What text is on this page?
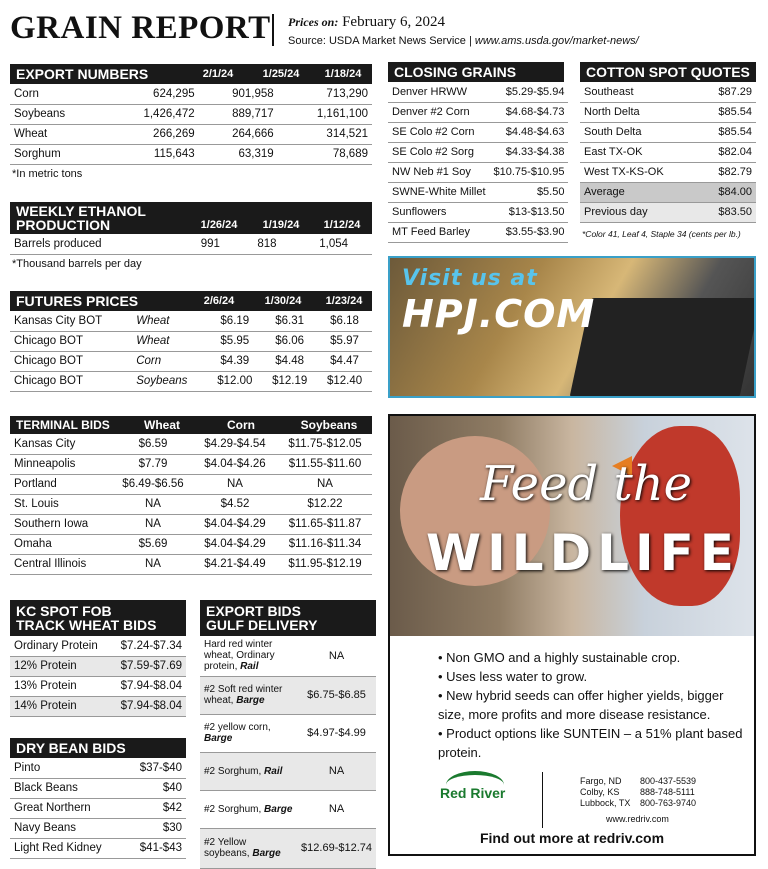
GRAIN REPORT Prices on: February 6, 2024
Source: USDA Market News Service | www.ams.usda.gov/market-news/
EXPORT NUMBERS	2/1/24	1/25/24	1/18/24
Corn	624,295	901,958	713,290
Soybeans	1,426,472	889,717	1,161,100
Wheat	266,269	264,666	314,521
Sorghum	115,643	63,319	78,689
*In metric tons
WEEKLY ETHANOL
PRODUCTION	1/26/24	1/19/24	1/12/24
Barrels produced	991	818	1,054
*Thousand barrels per day
FUTURES PRICES	2/6/24	1/30/24	1/23/24
Kansas City BOT	Wheat	$6.19	$6.31	$6.18
Chicago BOT	Wheat	$5.95	$6.06	$5.97
Chicago BOT	Corn	$4.39	$4.48	$4.47
Chicago BOT	Soybeans	$12.00	$12.19	$12.40
TERMINAL BIDS	Wheat	Corn	Soybeans
Kansas City	$6.59	$4.29-$4.54	$11.75-$12.05
Minneapolis	$7.79	$4.04-$4.26	$11.55-$11.60
Portland	$6.49-$6.56	NA	NA
St. Louis	NA	$4.52	$12.22
Southern Iowa	NA	$4.04-$4.29	$11.65-$11.87
Omaha	$5.69	$4.04-$4.29	$11.16-$11.34
Central Illinois	NA	$4.21-$4.49	$11.95-$12.19
KC SPOT FOB
TRACK WHEAT BIDS
Ordinary Protein	$7.24-$7.34
12% Protein	$7.59-$7.69
13% Protein	$7.94-$8.04
14% Protein	$7.94-$8.04
DRY BEAN BIDS
Pinto	$37-$40
Black Beans	$40
Great Northern	$42
Navy Beans	$30
Light Red Kidney	$41-$43
EXPORT BIDS
GULF DELIVERY
Hard red winter wheat, Ordinary protein, Rail	NA
#2 Soft red winter wheat, Barge	$6.75-$6.85
#2 yellow corn, Barge	$4.97-$4.99
#2 Sorghum, Rail	NA
#2 Sorghum, Barge	NA
#2 Yellow soybeans, Barge	$12.69-$12.74
CLOSING GRAINS
Denver HRWW	$5.29-$5.94
Denver #2 Corn	$4.68-$4.73
SE Colo #2 Corn	$4.48-$4.63
SE Colo #2 Sorg	$4.33-$4.38
NW Neb #1 Soy	$10.75-$10.95
SWNE-White Millet	$5.50
Sunflowers	$13-$13.50
MT Feed Barley	$3.55-$3.90
COTTON SPOT QUOTES
Southeast	$87.29
North Delta	$85.54
South Delta	$85.54
East TX-OK	$82.04
West TX-KS-OK	$82.79
Average	$84.00
Previous day	$83.50
*Color 41, Leaf 4, Staple 34 (cents per lb.)
Visit us at
HPJ.COM
Feed the
WILDLIFE
• Non GMO and a highly sustainable crop.
• Uses less water to grow.
• New hybrid seeds can offer higher yields, bigger size, more profits and more disease resistance.
• Product options like SUNTEIN – a 51% plant based protein.
Red River
Fargo, ND	800-437-5539
Colby, KS	888-748-5111
Lubbock, TX	800-763-9740
www.redriv.com
Find out more at redriv.com
